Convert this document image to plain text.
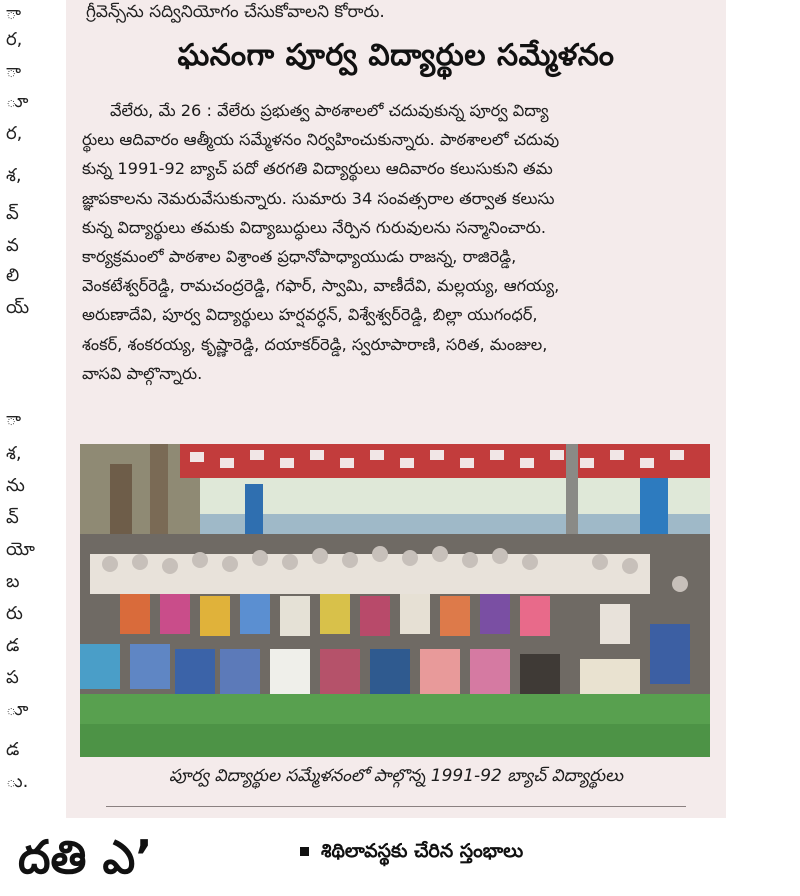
ా
ర,
ా
ూ
ర,
శ,
వ్
వ
లి
య్
ా
శ,
ను
వ్
యో
బ
రు
డ
ప
ూ
డ
ు.
గ్రీవెన్స్‌ను సద్వినియోగం చేసుకోవాలని కోరారు.
ఘనంగా పూర్వ విద్యార్థుల సమ్మేళనం
వేలేరు, మే 26 : వేలేరు ప్రభుత్వ పాఠశాలలో చదువుకున్న పూర్వ విద్యా
ర్థులు ఆదివారం ఆత్మీయ సమ్మేళనం నిర్వహించుకున్నారు. పాఠశాలలో చదువు
కున్న 1991-92 బ్యాచ్ పదో తరగతి విద్యార్థులు ఆదివారం కలుసుకుని తమ
జ్ఞాపకాలను నెమరువేసుకున్నారు. సుమారు 34 సంవత్సరాల తర్వాత కలుసు
కున్న విద్యార్థులు తమకు విద్యాబుద్ధులు నేర్పిన గురువులను సన్మానించారు.
కార్యక్రమంలో పాఠశాల విశ్రాంత ప్రధానోపాధ్యాయుడు రాజన్న, రాజిరెడ్డి,
వెంకటేశ్వర్‌రెడ్డి, రామచంద్రరెడ్డి, గఫార్, స్వామి, వాణీదేవి, మల్లయ్య, ఆగయ్య,
అరుణాదేవి, పూర్వ విద్యార్థులు హర్షవర్ధన్, విశ్వేశ్వర్‌రెడ్డి, బిల్లా యుగంధర్,
శంకర్, శంకరయ్య, కృష్ణారెడ్డి, దయాకర్‌రెడ్డి, స్వరూపారాణి, సరిత, మంజుల,
వాసవి పాల్గొన్నారు.
పూర్వ విద్యార్థుల సమ్మేళనంలో పాల్గొన్న 1991-92 బ్యాచ్ విద్యార్థులు
దతి ఎ’	శిథిలావస్థకు చేరిన స్తంభాలు
